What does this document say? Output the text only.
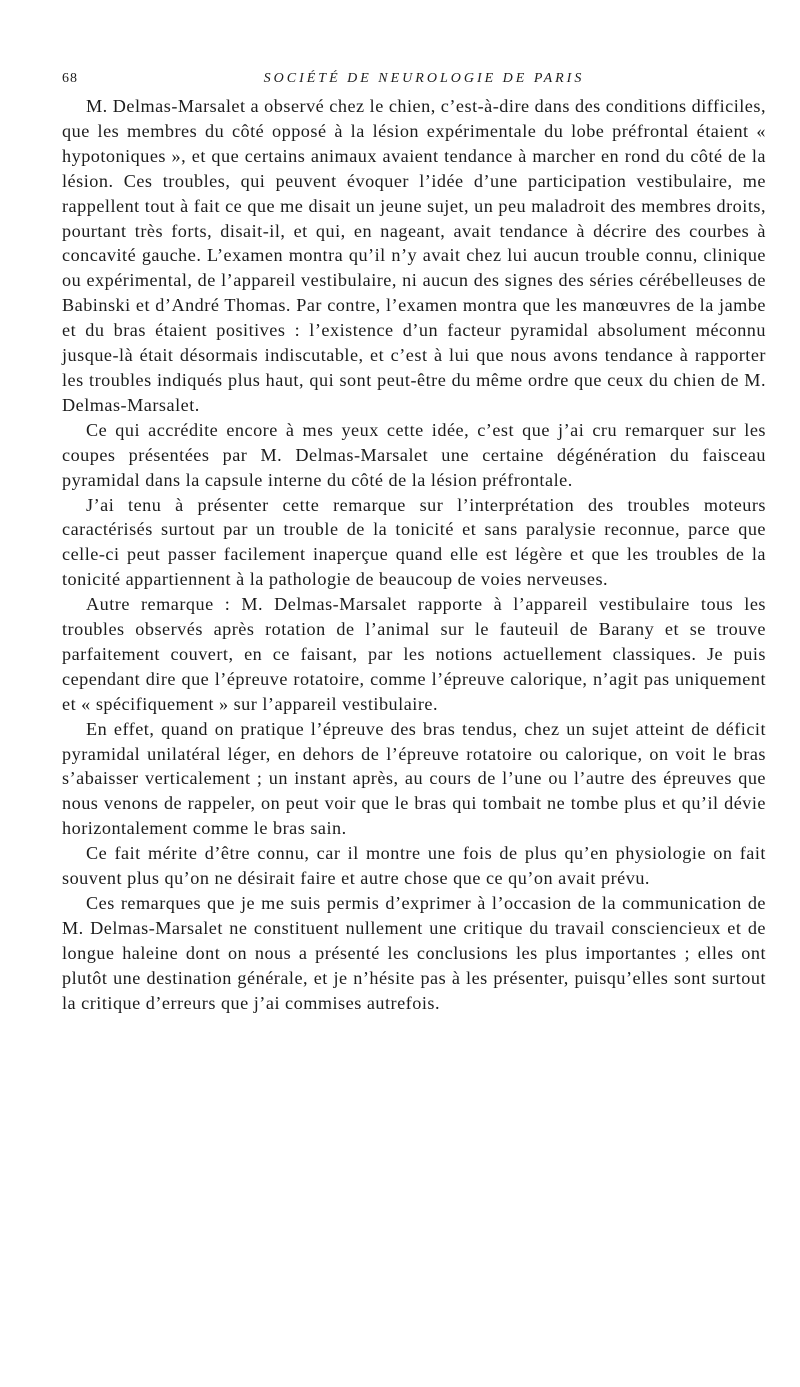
68	SOCIÉTÉ DE NEUROLOGIE DE PARIS

M. Delmas-Marsalet a observé chez le chien, c’est-à-dire dans des conditions difficiles, que les membres du côté opposé à la lésion expérimentale du lobe préfrontal étaient « hypotoniques », et que certains animaux avaient tendance à marcher en rond du côté de la lésion. Ces troubles, qui peuvent évoquer l’idée d’une participation vestibulaire, me rappellent tout à fait ce que me disait un jeune sujet, un peu maladroit des membres droits, pourtant très forts, disait-il, et qui, en nageant, avait tendance à décrire des courbes à concavité gauche. L’examen montra qu’il n’y avait chez lui aucun trouble connu, clinique ou expérimental, de l’appareil vestibulaire, ni aucun des signes des séries cérébelleuses de Babinski et d’André Thomas. Par contre, l’examen montra que les manœuvres de la jambe et du bras étaient positives : l’existence d’un facteur pyramidal absolument méconnu jusque-là était désormais indiscutable, et c’est à lui que nous avons tendance à rapporter les troubles indiqués plus haut, qui sont peut-être du même ordre que ceux du chien de M. Delmas-Marsalet.

Ce qui accrédite encore à mes yeux cette idée, c’est que j’ai cru remarquer sur les coupes présentées par M. Delmas-Marsalet une certaine dégénération du faisceau pyramidal dans la capsule interne du côté de la lésion préfrontale.

J’ai tenu à présenter cette remarque sur l’interprétation des troubles moteurs caractérisés surtout par un trouble de la tonicité et sans paralysie reconnue, parce que celle-ci peut passer facilement inaperçue quand elle est légère et que les troubles de la tonicité appartiennent à la pathologie de beaucoup de voies nerveuses.

Autre remarque : M. Delmas-Marsalet rapporte à l’appareil vestibulaire tous les troubles observés après rotation de l’animal sur le fauteuil de Barany et se trouve parfaitement couvert, en ce faisant, par les notions actuellement classiques. Je puis cependant dire que l’épreuve rotatoire, comme l’épreuve calorique, n’agit pas uniquement et « spécifiquement » sur l’appareil vestibulaire.

En effet, quand on pratique l’épreuve des bras tendus, chez un sujet atteint de déficit pyramidal unilatéral léger, en dehors de l’épreuve rotatoire ou calorique, on voit le bras s’abaisser verticalement ; un instant après, au cours de l’une ou l’autre des épreuves que nous venons de rappeler, on peut voir que le bras qui tombait ne tombe plus et qu’il dévie horizontalement comme le bras sain.

Ce fait mérite d’être connu, car il montre une fois de plus qu’en physiologie on fait souvent plus qu’on ne désirait faire et autre chose que ce qu’on avait prévu.

Ces remarques que je me suis permis d’exprimer à l’occasion de la communication de M. Delmas-Marsalet ne constituent nullement une critique du travail consciencieux et de longue haleine dont on nous a présenté les conclusions les plus importantes ; elles ont plutôt une destination générale, et je n’hésite pas à les présenter, puisqu’elles sont surtout la critique d’erreurs que j’ai commises autrefois.
